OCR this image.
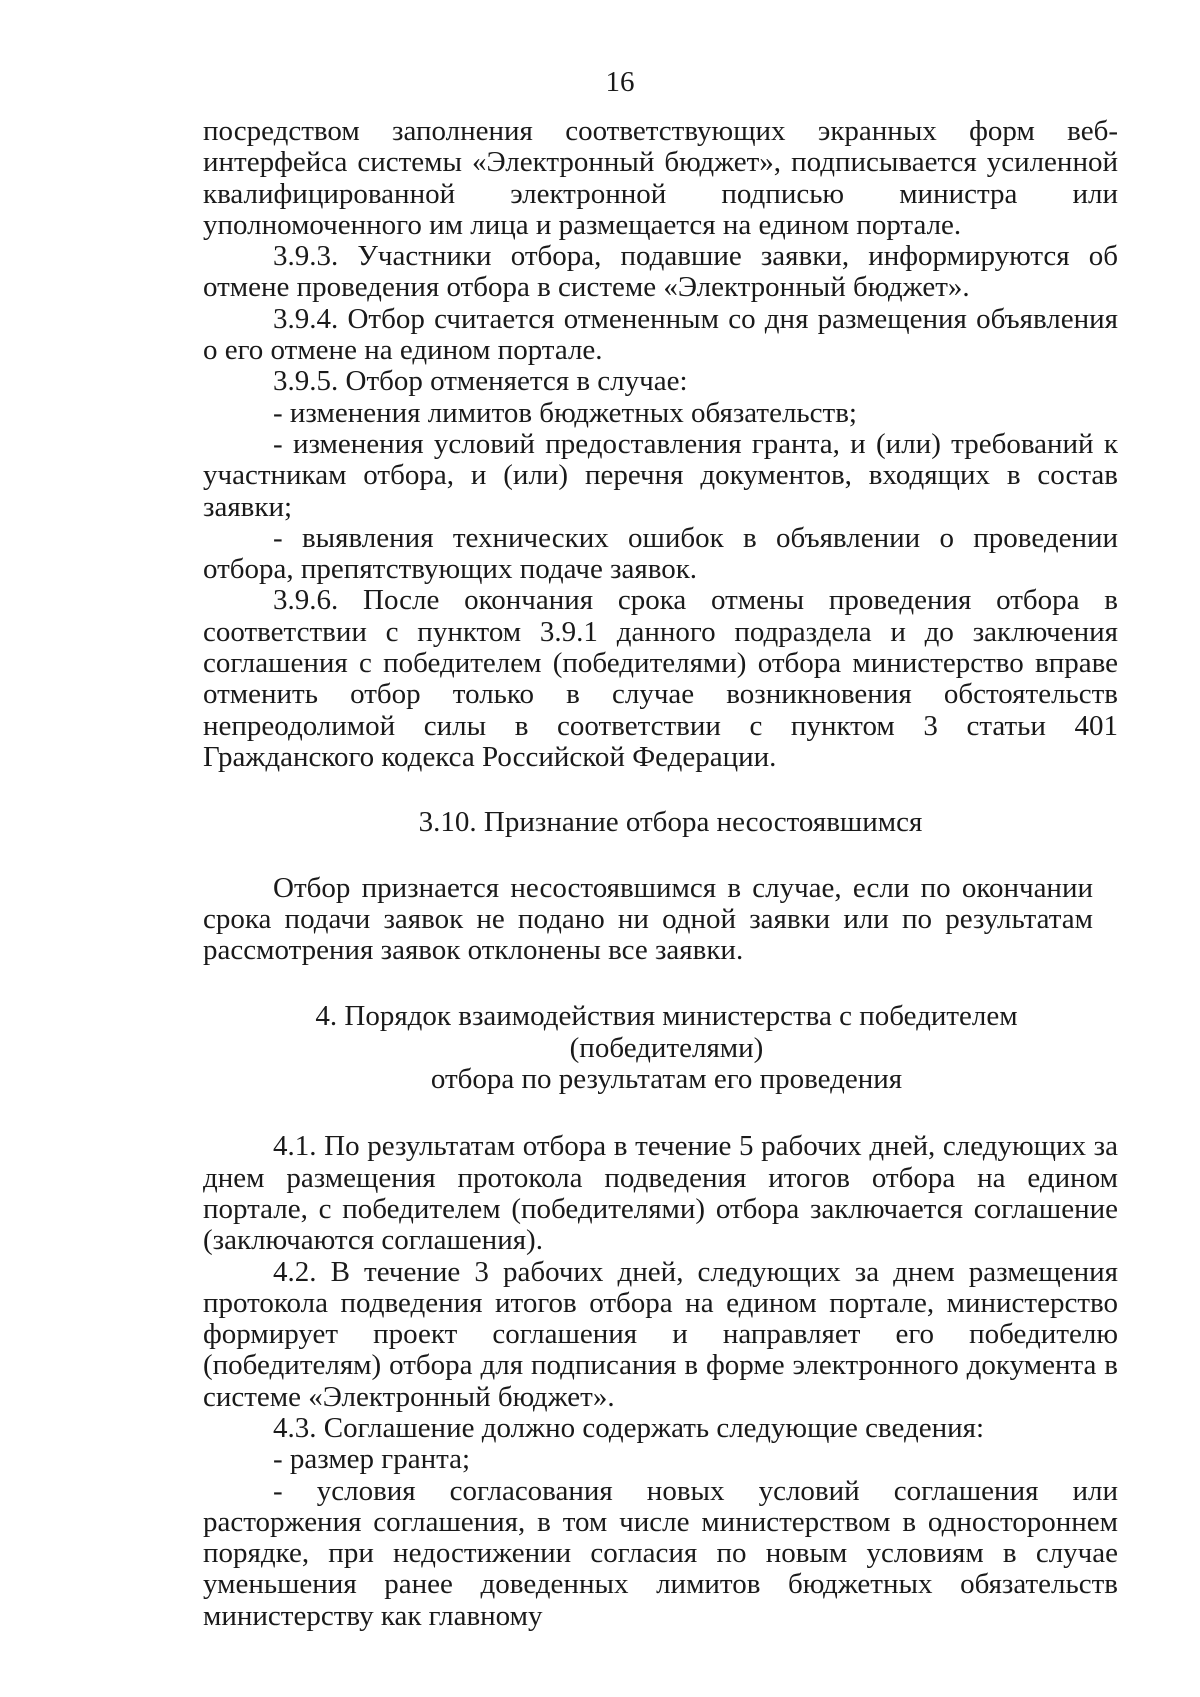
16

посредством заполнения соответствующих экранных форм веб-интерфейса системы «Электронный бюджет», подписывается усиленной квалифицированной электронной подписью министра или уполномоченного им лица и размещается на едином портале.

3.9.3. Участники отбора, подавшие заявки, информируются об отмене проведения отбора в системе «Электронный бюджет».

3.9.4. Отбор считается отмененным со дня размещения объявления о его отмене на едином портале.

3.9.5. Отбор отменяется в случае:

- изменения лимитов бюджетных обязательств;

- изменения условий предоставления гранта, и (или) требований к участникам отбора, и (или) перечня документов, входящих в состав заявки;

- выявления технических ошибок в объявлении о проведении отбора, препятствующих подаче заявок.

3.9.6. После окончания срока отмены проведения отбора в соответствии с пунктом 3.9.1 данного подраздела и до заключения соглашения с победителем (победителями) отбора министерство вправе отменить отбор только в случае возникновения обстоятельств непреодолимой силы в соответствии с пунктом 3 статьи 401 Гражданского кодекса Российской Федерации.

3.10. Признание отбора несостоявшимся

Отбор признается несостоявшимся в случае, если по окончании срока подачи заявок не подано ни одной заявки или по результатам рассмотрения заявок отклонены все заявки.

4. Порядок взаимодействия министерства с победителем (победителями)
отбора по результатам его проведения

4.1. По результатам отбора в течение 5 рабочих дней, следующих за днем размещения протокола подведения итогов отбора на едином портале, с победителем (победителями) отбора заключается соглашение (заключаются соглашения).

4.2. В течение 3 рабочих дней, следующих за днем размещения протокола подведения итогов отбора на едином портале, министерство формирует проект соглашения и направляет его победителю (победителям) отбора для подписания в форме электронного документа в системе «Электронный бюджет».

4.3. Соглашение должно содержать следующие сведения:

- размер гранта;

- условия согласования новых условий соглашения или расторжения соглашения, в том числе министерством в одностороннем порядке, при недостижении согласия по новым условиям в случае уменьшения ранее доведенных лимитов бюджетных обязательств министерству как главному
